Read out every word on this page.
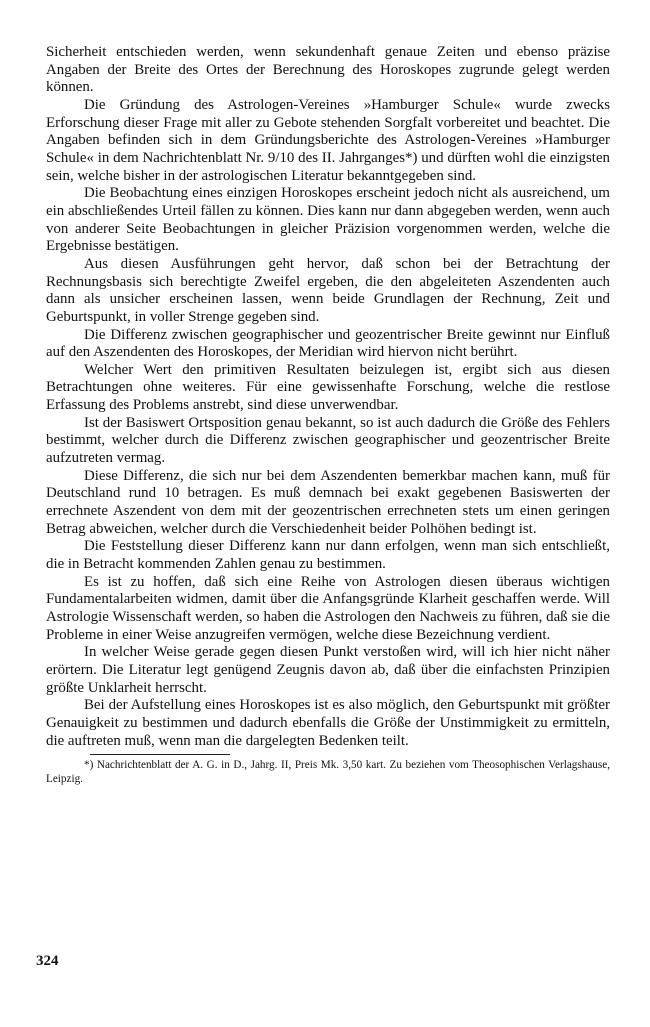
Sicherheit entschieden werden, wenn sekundenhaft genaue Zeiten und ebenso präzise Angaben der Breite des Ortes der Berechnung des Horoskopes zugrunde gelegt werden können.

Die Gründung des Astrologen-Vereines »Hamburger Schule« wurde zwecks Erforschung dieser Frage mit aller zu Gebote stehenden Sorgfalt vorbereitet und beachtet. Die Angaben befinden sich in dem Gründungsberichte des Astrologen-Vereines »Hamburger Schule« in dem Nachrichtenblatt Nr. 9/10 des II. Jahrganges*) und dürften wohl die einzigsten sein, welche bisher in der astrologischen Literatur bekanntgegeben sind.

Die Beobachtung eines einzigen Horoskopes erscheint jedoch nicht als ausreichend, um ein abschließendes Urteil fällen zu können. Dies kann nur dann abgegeben werden, wenn auch von anderer Seite Beobachtungen in gleicher Präzision vorgenommen werden, welche die Ergebnisse bestätigen.

Aus diesen Ausführungen geht hervor, daß schon bei der Betrachtung der Rechnungsbasis sich berechtigte Zweifel ergeben, die den abgeleiteten Aszendenten auch dann als unsicher erscheinen lassen, wenn beide Grundlagen der Rechnung, Zeit und Geburtspunkt, in voller Strenge gegeben sind.

Die Differenz zwischen geographischer und geozentrischer Breite gewinnt nur Einfluß auf den Aszendenten des Horoskopes, der Meridian wird hiervon nicht berührt.

Welcher Wert den primitiven Resultaten beizulegen ist, ergibt sich aus diesen Betrachtungen ohne weiteres. Für eine gewissenhafte Forschung, welche die restlose Erfassung des Problems anstrebt, sind diese unverwendbar.

Ist der Basiswert Ortsposition genau bekannt, so ist auch dadurch die Größe des Fehlers bestimmt, welcher durch die Differenz zwischen geographischer und geozentrischer Breite aufzutreten vermag.

Diese Differenz, die sich nur bei dem Aszendenten bemerkbar machen kann, muß für Deutschland rund 10 betragen. Es muß demnach bei exakt gegebenen Basiswerten der errechnete Aszendent von dem mit der geozentrischen errechneten stets um einen geringen Betrag abweichen, welcher durch die Verschiedenheit beider Polhöhen bedingt ist.

Die Feststellung dieser Differenz kann nur dann erfolgen, wenn man sich entschließt, die in Betracht kommenden Zahlen genau zu bestimmen.

Es ist zu hoffen, daß sich eine Reihe von Astrologen diesen überaus wichtigen Fundamentalarbeiten widmen, damit über die Anfangsgründe Klarheit geschaffen werde. Will Astrologie Wissenschaft werden, so haben die Astrologen den Nachweis zu führen, daß sie die Probleme in einer Weise anzugreifen vermögen, welche diese Bezeichnung verdient.

In welcher Weise gerade gegen diesen Punkt verstoßen wird, will ich hier nicht näher erörtern. Die Literatur legt genügend Zeugnis davon ab, daß über die einfachsten Prinzipien größte Unklarheit herrscht.

Bei der Aufstellung eines Horoskopes ist es also möglich, den Geburtspunkt mit größter Genauigkeit zu bestimmen und dadurch ebenfalls die Größe der Unstimmigkeit zu ermitteln, die auftreten muß, wenn man die dargelegten Bedenken teilt.

*) Nachrichtenblatt der A. G. in D., Jahrg. II, Preis Mk. 3,50 kart. Zu beziehen vom Theosophischen Verlagshause, Leipzig.

324
